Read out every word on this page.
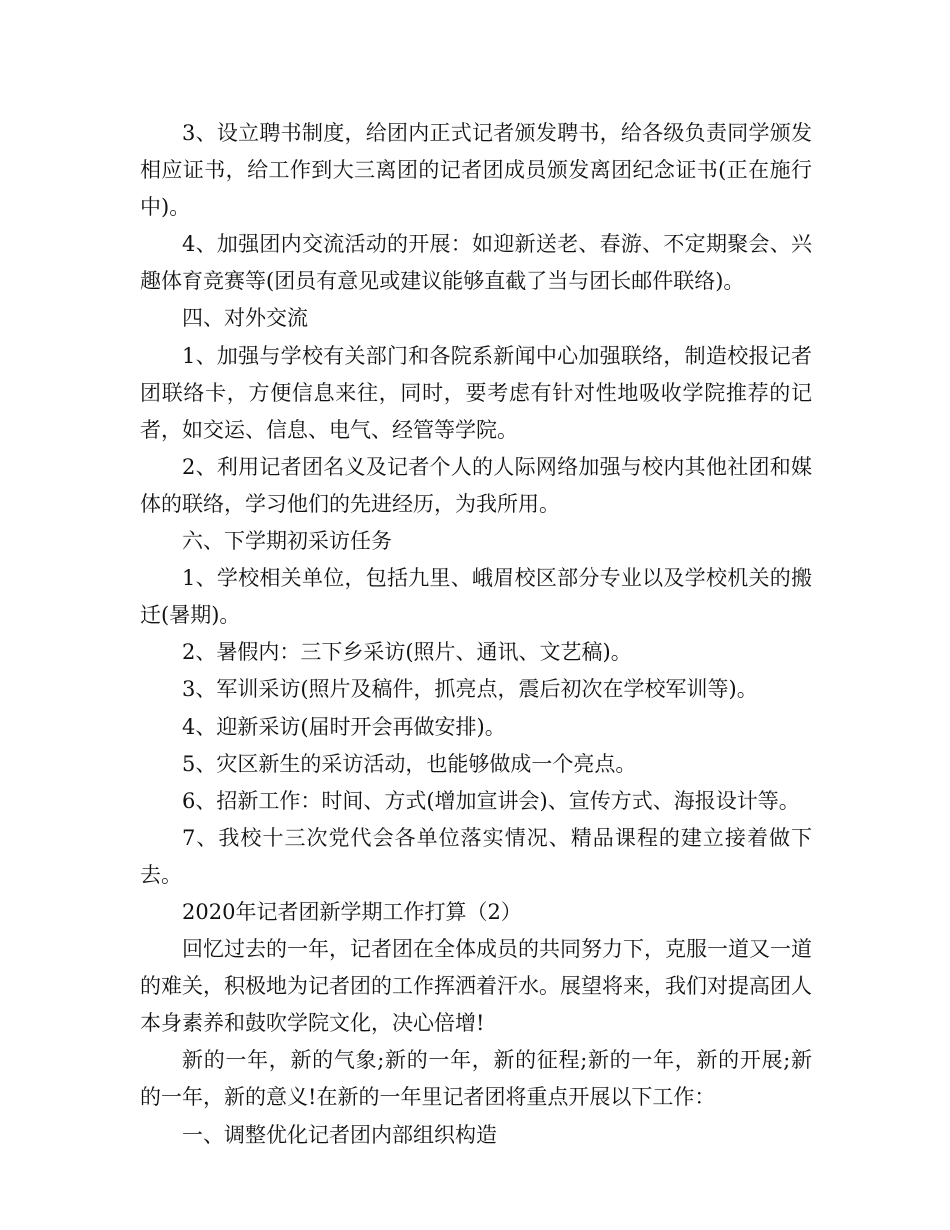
3、设立聘书制度，给团内正式记者颁发聘书，给各级负责同学颁发相应证书，给工作到大三离团的记者团成员颁发离团纪念证书(正在施行中)。

4、加强团内交流活动的开展：如迎新送老、春游、不定期聚会、兴趣体育竞赛等(团员有意见或建议能够直截了当与团长邮件联络)。

四、对外交流

1、加强与学校有关部门和各院系新闻中心加强联络，制造校报记者团联络卡，方便信息来往，同时，要考虑有针对性地吸收学院推荐的记者，如交运、信息、电气、经管等学院。

2、利用记者团名义及记者个人的人际网络加强与校内其他社团和媒体的联络，学习他们的先进经历，为我所用。

六、下学期初采访任务

1、学校相关单位，包括九里、峨眉校区部分专业以及学校机关的搬迁(暑期)。

2、暑假内：三下乡采访(照片、通讯、文艺稿)。

3、军训采访(照片及稿件，抓亮点，震后初次在学校军训等)。

4、迎新采访(届时开会再做安排)。

5、灾区新生的采访活动，也能够做成一个亮点。

6、招新工作：时间、方式(增加宣讲会)、宣传方式、海报设计等。

7、我校十三次党代会各单位落实情况、精品课程的建立接着做下去。

2020年记者团新学期工作打算（2）

回忆过去的一年，记者团在全体成员的共同努力下，克服一道又一道的难关，积极地为记者团的工作挥洒着汗水。展望将来，我们对提高团人本身素养和鼓吹学院文化，决心倍增!

新的一年，新的气象;新的一年，新的征程;新的一年，新的开展;新的一年，新的意义!在新的一年里记者团将重点开展以下工作：

一、调整优化记者团内部组织构造
